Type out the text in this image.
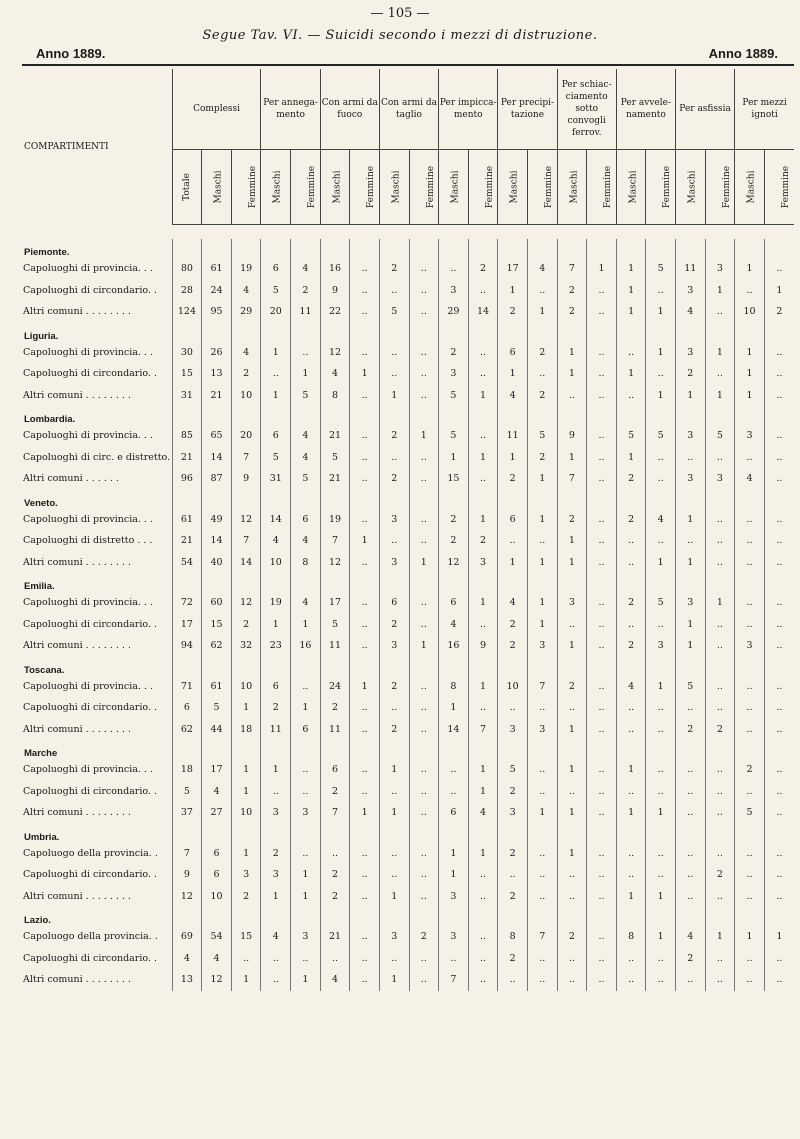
— 105 —
Segue Tav. VI. — Suicidi secondo i mezzi di distruzione.
Anno 1889.	Anno 1889.

COMPARTIMENTI	Complessi			Per annega-mento		Con armi da fuoco		Con armi da taglio		Per impicca-mento		Per precipi-tazione		Per schiac-ciamento sotto convogli ferrov.		Per avvele-namento		Per asfissia		Per mezzi ignoti	
	Totale	Maschi	Femmine	Maschi	Femmine	Maschi	Femmine	Maschi	Femmine	Maschi	Femmine	Maschi	Femmine	Maschi	Femmine	Maschi	Femmine	Maschi	Femmine	Maschi	Femmine

Piemonte.																					
Capoluoghi di provincia. . .	80	61	19	6	4	16	..	2	..	..	2	17	4	7	1	1	5	11	3	1	..
Capoluoghi di circondario. .	28	24	4	5	2	9	..	..	..	3	..	1	..	2	..	1	..	3	1	..	1
Altri comuni . . . . . . . .	124	95	29	20	11	22	..	5	..	29	14	2	1	2	..	1	1	4	..	10	2
Liguria.																					
Capoluoghi di provincia. . .	30	26	4	1	..	12	..	..	..	2	..	6	2	1	..	..	1	3	1	1	..
Capoluoghi di circondario. .	15	13	2	..	1	4	1	..	..	3	..	1	..	1	..	1	..	2	..	1	..
Altri comuni . . . . . . . .	31	21	10	1	5	8	..	1	..	5	1	4	2	..	..	..	1	1	1	1	..
Lombardia.																					
Capoluoghi di provincia. . .	85	65	20	6	4	21	..	2	1	5	..	11	5	9	..	5	5	3	5	3	..
Capoluoghi di circ. e distretto.	21	14	7	5	4	5	..	..	..	1	1	1	2	1	..	1	..	..	..	..	..
Altri comuni . . . . . .	96	87	9	31	5	21	..	2	..	15	..	2	1	7	..	2	..	3	3	4	..
Veneto.																					
Capoluoghi di provincia. . .	61	49	12	14	6	19	..	3	..	2	1	6	1	2	..	2	4	1	..	..	..
Capoluoghi di distretto . . .	21	14	7	4	4	7	1	..	..	2	2	..	..	1	..	..	..	..	..	..	..
Altri comuni . . . . . . . .	54	40	14	10	8	12	..	3	1	12	3	1	1	1	..	..	1	1	..	..	..
Emilia.																					
Capoluoghi di provincia. . .	72	60	12	19	4	17	..	6	..	6	1	4	1	3	..	2	5	3	1	..	..
Capoluoghi di circondario. .	17	15	2	1	1	5	..	2	..	4	..	2	1	..	..	..	..	1	..	..	..
Altri comuni . . . . . . . .	94	62	32	23	16	11	..	3	1	16	9	2	3	1	..	2	3	1	..	3	..
Toscana.																					
Capoluoghi di provincia. . .	71	61	10	6	..	24	1	2	..	8	1	10	7	2	..	4	1	5	..	..	..
Capoluoghi di circondario. .	6	5	1	2	1	2	..	..	..	1	..	..	..	..	..	..	..	..	..	..	..
Altri comuni . . . . . . . .	62	44	18	11	6	11	..	2	..	14	7	3	3	1	..	..	..	2	2	..	..
Marche																					
Capoluoghi di provincia. . .	18	17	1	1	..	6	..	1	..	..	1	5	..	1	..	1	..	..	..	2	..
Capoluoghi di circondario. .	5	4	1	..	..	2	..	..	..	..	1	2	..	..	..	..	..	..	..	..	..
Altri comuni . . . . . . . .	37	27	10	3	3	7	1	1	..	6	4	3	1	1	..	1	1	..	..	5	..
Umbria.																					
Capoluogo della provincia. .	7	6	1	2	..	..	..	..	..	1	1	2	..	1	..	..	..	..	..	..	..
Capoluoghi di circondario. .	9	6	3	3	1	2	..	..	..	1	..	..	..	..	..	..	..	..	2	..	..
Altri comuni . . . . . . . .	12	10	2	1	1	2	..	1	..	3	..	2	..	..	..	1	1	..	..	..	..
Lazio.																					
Capoluogo della provincia. .	69	54	15	4	3	21	..	3	2	3	..	8	7	2	..	8	1	4	1	1	1
Capoluoghi di circondario. .	4	4	..	..	..	..	..	..	..	..	..	2	..	..	..	..	..	2	..	..	..
Altri comuni . . . . . . . .	13	12	1	..	1	4	..	1	..	7	..	..	..	..	..	..	..	..	..	..	..
